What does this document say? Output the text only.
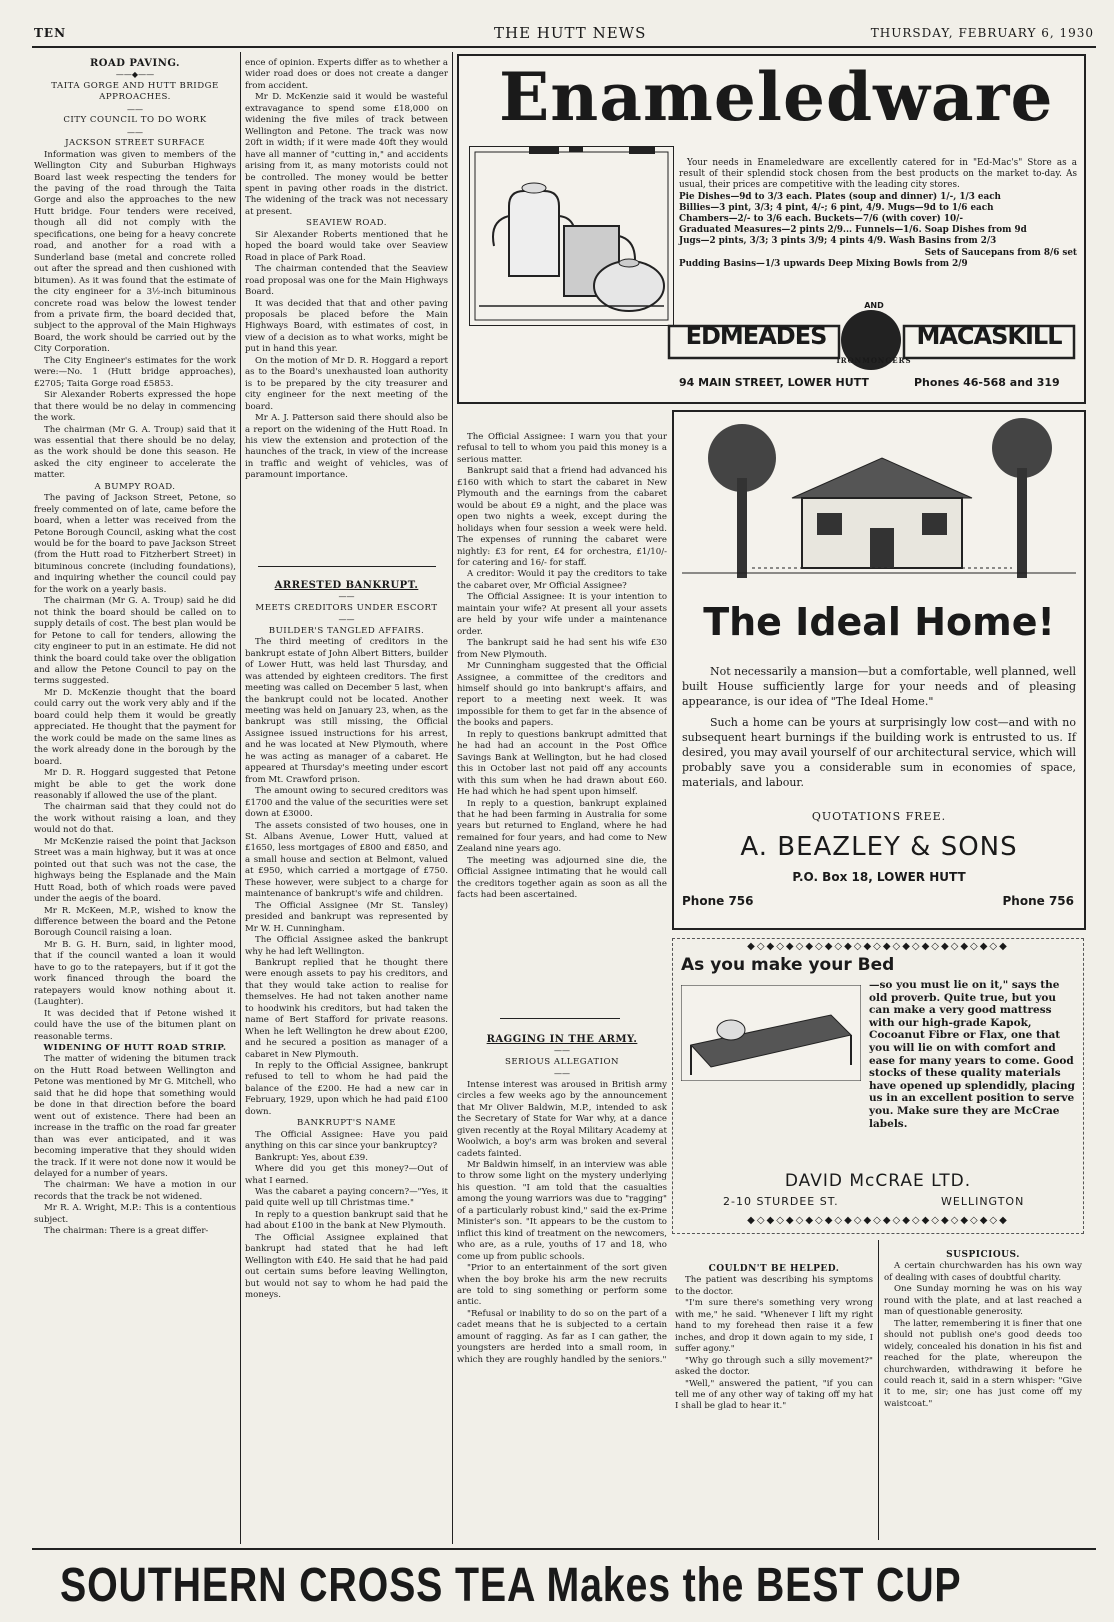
TEN	THE HUTT NEWS	THURSDAY, FEBRUARY 6, 1930

ROAD PAVING.

——◆——

TAITA GORGE AND HUTT BRIDGE APPROACHES.

——

CITY COUNCIL TO DO WORK

——

JACKSON STREET SURFACE

Information was given to members of the Wellington City and Suburban Highways Board last week respecting the tenders for the paving of the road through the Taita Gorge and also the approaches to the new Hutt bridge. Four tenders were received, though all did not comply with the specifications, one being for a heavy concrete road, and another for a road with a Sunderland base (metal and concrete rolled out after the spread and then cushioned with bitumen). As it was found that the estimate of the city engineer for a 3½-inch bituminous concrete road was below the lowest tender from a private firm, the board decided that, subject to the approval of the Main Highways Board, the work should be carried out by the City Corporation.

The City Engineer's estimates for the work were:—No. 1 (Hutt bridge approaches), £2705; Taita Gorge road £5853.

Sir Alexander Roberts expressed the hope that there would be no delay in commencing the work.

The chairman (Mr G. A. Troup) said that it was essential that there should be no delay, as the work should be done this season. He asked the city engineer to accelerate the matter.

A BUMPY ROAD.

The paving of Jackson Street, Petone, so freely commented on of late, came before the board, when a letter was received from the Petone Borough Council, asking what the cost would be for the board to pave Jackson Street (from the Hutt road to Fitzherbert Street) in bituminous concrete (including foundations), and inquiring whether the council could pay for the work on a yearly basis.

The chairman (Mr G. A. Troup) said he did not think the board should be called on to supply details of cost. The best plan would be for Petone to call for tenders, allowing the city engineer to put in an estimate. He did not think the board could take over the obligation and allow the Petone Council to pay on the terms suggested.

Mr D. McKenzie thought that the board could carry out the work very ably and if the board could help them it would be greatly appreciated. He thought that the payment for the work could be made on the same lines as the work already done in the borough by the board.

Mr D. R. Hoggard suggested that Petone might be able to get the work done reasonably if allowed the use of the plant.

The chairman said that they could not do the work without raising a loan, and they would not do that.

Mr McKenzie raised the point that Jackson Street was a main highway, but it was at once pointed out that such was not the case, the highways being the Esplanade and the Main Hutt Road, both of which roads were paved under the aegis of the board.

Mr R. McKeen, M.P., wished to know the difference between the board and the Petone Borough Council raising a loan.

Mr B. G. H. Burn, said, in lighter mood, that if the council wanted a loan it would have to go to the ratepayers, but if it got the work financed through the board the ratepayers would know nothing about it. (Laughter).

It was decided that if Petone wished it could have the use of the bitumen plant on reasonable terms.

WIDENING OF HUTT ROAD STRIP.

The matter of widening the bitumen track on the Hutt Road between Wellington and Petone was mentioned by Mr G. Mitchell, who said that he did hope that something would be done in that direction before the board went out of existence. There had been an increase in the traffic on the road far greater than was ever anticipated, and it was becoming imperative that they should widen the track. If it were not done now it would be delayed for a number of years.

The chairman: We have a motion in our records that the track be not widened.

Mr R. A. Wright, M.P.: This is a contentious subject.

The chairman: There is a great differ-

ence of opinion. Experts differ as to whether a wider road does or does not create a danger from accident.

Mr D. McKenzie said it would be wasteful extravagance to spend some £18,000 on widening the five miles of track between Wellington and Petone. The track was now 20ft in width; if it were made 40ft they would have all manner of "cutting in," and accidents arising from it, as many motorists could not be controlled. The money would be better spent in paving other roads in the district. The widening of the track was not necessary at present.

SEAVIEW ROAD.

Sir Alexander Roberts mentioned that he hoped the board would take over Seaview Road in place of Park Road.

The chairman contended that the Seaview road proposal was one for the Main Highways Board.

It was decided that that and other paving proposals be placed before the Main Highways Board, with estimates of cost, in view of a decision as to what works, might be put in hand this year.

On the motion of Mr D. R. Hoggard a report as to the Board's unexhausted loan authority is to be prepared by the city treasurer and city engineer for the next meeting of the board.

Mr A. J. Patterson said there should also be a report on the widening of the Hutt Road. In his view the extension and protection of the haunches of the track, in view of the increase in traffic and weight of vehicles, was of paramount importance.

ARRESTED BANKRUPT.

——

MEETS CREDITORS UNDER ESCORT

——

BUILDER'S TANGLED AFFAIRS.

The third meeting of creditors in the bankrupt estate of John Albert Bitters, builder of Lower Hutt, was held last Thursday, and was attended by eighteen creditors. The first meeting was called on December 5 last, when the bankrupt could not be located. Another meeting was held on January 23, when, as the bankrupt was still missing, the Official Assignee issued instructions for his arrest, and he was located at New Plymouth, where he was acting as manager of a cabaret. He appeared at Thursday's meeting under escort from Mt. Crawford prison.

The amount owing to secured creditors was £1700 and the value of the securities were set down at £3000.

The assets consisted of two houses, one in St. Albans Avenue, Lower Hutt, valued at £1650, less mortgages of £800 and £850, and a small house and section at Belmont, valued at £950, which carried a mortgage of £750. These however, were subject to a charge for maintenance of bankrupt's wife and children.

The Official Assignee (Mr St. Tansley) presided and bankrupt was represented by Mr W. H. Cunningham.

The Official Assignee asked the bankrupt why he had left Wellington.

Bankrupt replied that he thought there were enough assets to pay his creditors, and that they would take action to realise for themselves. He had not taken another name to hoodwink his creditors, but had taken the name of Bert Stafford for private reasons. When he left Wellington he drew about £200, and he secured a position as manager of a cabaret in New Plymouth.

In reply to the Official Assignee, bankrupt refused to tell to whom he had paid the balance of the £200. He had a new car in February, 1929, upon which he had paid £100 down.

BANKRUPT'S NAME

The Official Assignee: Have you paid anything on this car since your bankruptcy?

Bankrupt: Yes, about £39.

Where did you get this money?—Out of what I earned.

Was the cabaret a paying concern?—"Yes, it paid quite well up till Christmas time."

In reply to a question bankrupt said that he had about £100 in the bank at New Plymouth.

The Official Assignee explained that bankrupt had stated that he had left Wellington with £40. He said that he had paid out certain sums before leaving Wellington, but would not say to whom he had paid the moneys.

The Official Assignee: I warn you that your refusal to tell to whom you paid this money is a serious matter.

Bankrupt said that a friend had advanced his £160 with which to start the cabaret in New Plymouth and the earnings from the cabaret would be about £9 a night, and the place was open two nights a week, except during the holidays when four session a week were held. The expenses of running the cabaret were nightly: £3 for rent, £4 for orchestra, £1/10/- for catering and 16/- for staff.

A creditor: Would it pay the creditors to take the cabaret over, Mr Official Assignee?

The Official Assignee: It is your intention to maintain your wife? At present all your assets are held by your wife under a maintenance order.

The bankrupt said he had sent his wife £30 from New Plymouth.

Mr Cunningham suggested that the Official Assignee, a committee of the creditors and himself should go into bankrupt's affairs, and report to a meeting next week. It was impossible for them to get far in the absence of the books and papers.

In reply to questions bankrupt admitted that he had had an account in the Post Office Savings Bank at Wellington, but he had closed this in October last not paid off any accounts with this sum when he had drawn about £60. He had which he had spent upon himself.

In reply to a question, bankrupt explained that he had been farming in Australia for some years but returned to England, where he had remained for four years, and had come to New Zealand nine years ago.

The meeting was adjourned sine die, the Official Assignee intimating that he would call the creditors together again as soon as all the facts had been ascertained.

RAGGING IN THE ARMY.

——

SERIOUS ALLEGATION

——

Intense interest was aroused in British army circles a few weeks ago by the announcement that Mr Oliver Baldwin, M.P., intended to ask the Secretary of State for War why, at a dance given recently at the Royal Military Academy at Woolwich, a boy's arm was broken and several cadets fainted.

Mr Baldwin himself, in an interview was able to throw some light on the mystery underlying his question. "I am told that the casualties among the young warriors was due to "ragging" of a particularly robust kind," said the ex-Prime Minister's son. "It appears to be the custom to inflict this kind of treatment on the newcomers, who are, as a rule, youths of 17 and 18, who come up from public schools.

"Prior to an entertainment of the sort given when the boy broke his arm the new recruits are told to sing something or perform some antic.

"Refusal or inability to do so on the part of a cadet means that he is subjected to a certain amount of ragging. As far as I can gather, the youngsters are herded into a small room, in which they are roughly handled by the seniors."

Enameledware
Your needs in Enameledware are excellently catered for in "Ed-Mac's" Store as a result of their splendid stock chosen from the best products on the market to-day. As usual, their prices are competitive with the leading city stores.
Pie Dishes—9d to 3/3 each. Plates (soup and dinner) 1/-, 1/3 each
Billies—3 pint, 3/3; 4 pint, 4/-; 6 pint, 4/9. Mugs—9d to 1/6 each
Chambers—2/- to 3/6 each. Buckets—7/6 (with cover) 10/-
Graduated Measures—2 pints 2/9... Funnels—1/6. Soap Dishes from 9d
Jugs—2 pints, 3/3; 3 pints 3/9; 4 pints 4/9. Wash Basins from 2/3
Sets of Saucepans from 8/6 set
Pudding Basins—1/3 upwards Deep Mixing Bowls from 2/9
EDMEADES
AND
MACASKILL
IRONMONGERS
94 MAIN STREET, LOWER HUTT	Phones 46-568 and 319
The Ideal Home!
Not necessarily a mansion—but a comfortable, well planned, well built House sufficiently large for your needs and of pleasing appearance, is our idea of "The Ideal Home."
Such a home can be yours at surprisingly low cost—and with no subsequent heart burnings if the building work is entrusted to us. If desired, you may avail yourself of our architectural service, which will probably save you a considerable sum in economies of space, materials, and labour.
QUOTATIONS FREE.
A. BEAZLEY & SONS
P.O. Box 18, LOWER HUTT
Phone 756	Phone 756
◆◇◆◇◆◇◆◇◆◇◆◇◆◇◆◇◆◇◆◇◆◇◆◇◆◇◆
As you make your Bed
—so you must lie on it," says the old proverb. Quite true, but you can make a very good mattress with our high-grade Kapok, Cocoanut Fibre or Flax, one that you will lie on with comfort and ease for many years to come. Good stocks of these quality materials have opened up splendidly, placing us in an excellent position to serve you. Make sure they are McCrae labels.
DAVID McCRAE LTD.
2-10 STURDEE ST.	WELLINGTON
◆◇◆◇◆◇◆◇◆◇◆◇◆◇◆◇◆◇◆◇◆◇◆◇◆◇◆

COULDN'T BE HELPED.

The patient was describing his symptoms to the doctor.

"I'm sure there's something very wrong with me," he said. "Whenever I lift my right hand to my forehead then raise it a few inches, and drop it down again to my side, I suffer agony."

"Why go through such a silly movement?" asked the doctor.

"Well," answered the patient, "if you can tell me of any other way of taking off my hat I shall be glad to hear it."

SUSPICIOUS.

A certain churchwarden has his own way of dealing with cases of doubtful charity.

One Sunday morning he was on his way round with the plate, and at last reached a man of questionable generosity.

The latter, remembering it is finer that one should not publish one's good deeds too widely, concealed his donation in his fist and reached for the plate, whereupon the churchwarden, withdrawing it before he could reach it, said in a stern whisper: "Give it to me, sir; one has just come off my waistcoat."

SOUTHERN CROSS TEA Makes the BEST CUP
